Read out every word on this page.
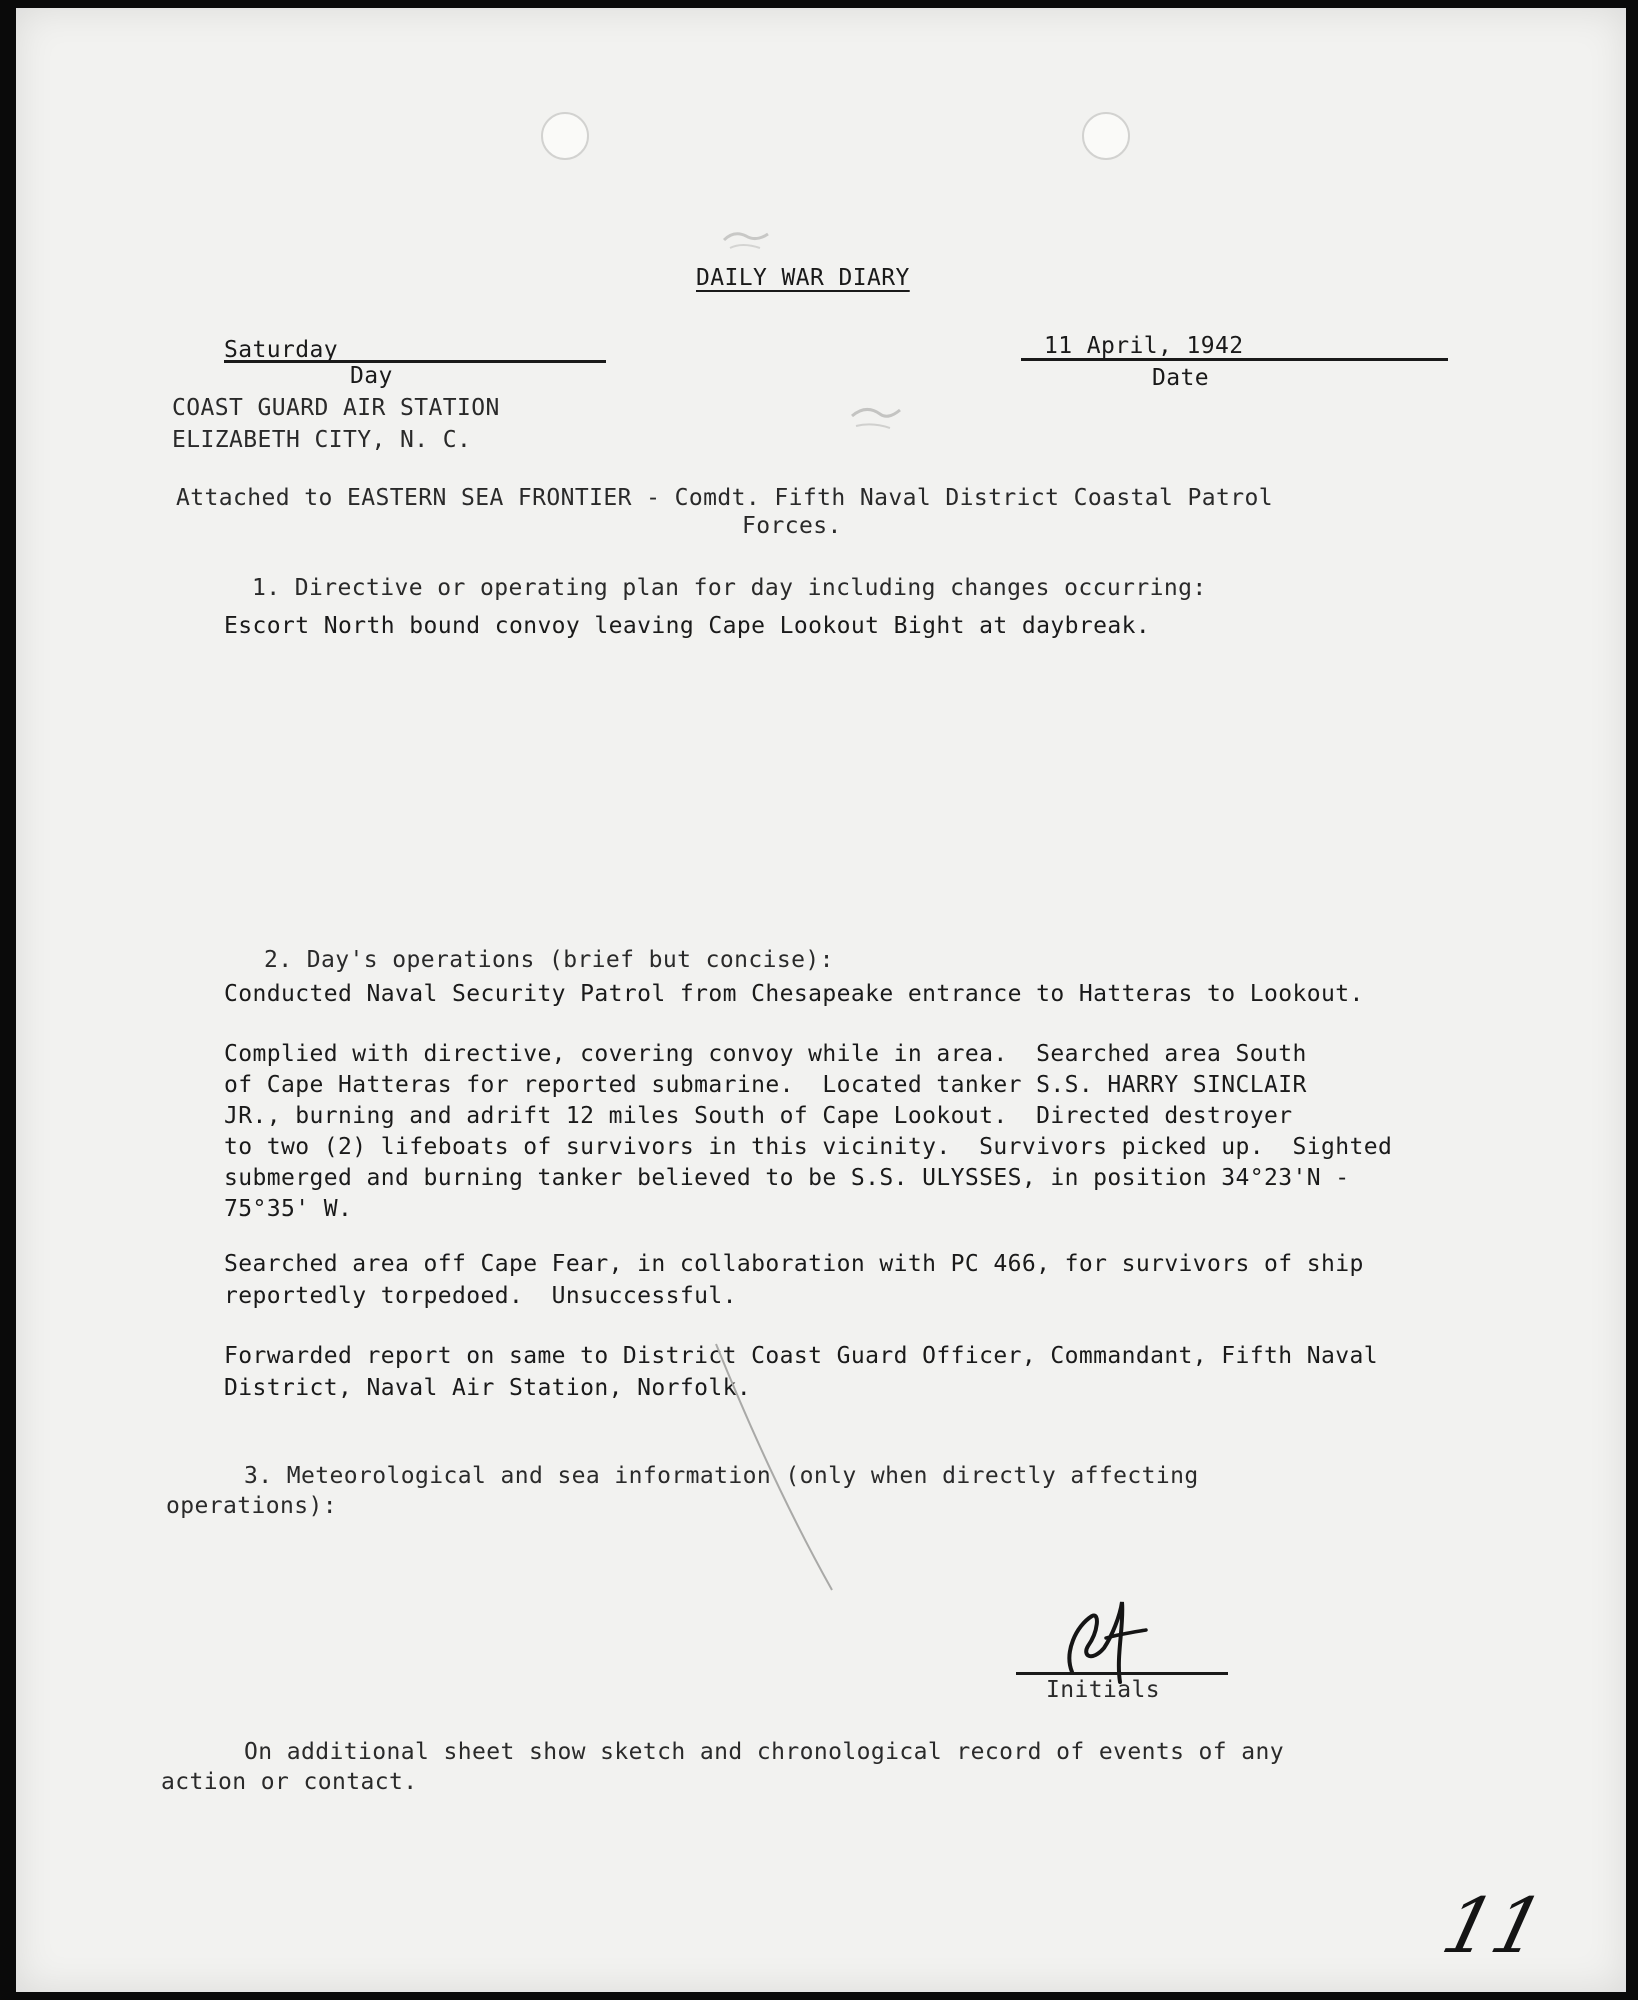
DAILY WAR DIARY
Saturday
Day
11 April, 1942
Date
COAST GUARD AIR STATION
ELIZABETH CITY, N. C.
Attached to EASTERN SEA FRONTIER - Comdt. Fifth Naval District Coastal Patrol
Forces.
1. Directive or operating plan for day including changes occurring:
Escort North bound convoy leaving Cape Lookout Bight at daybreak.
2. Day's operations (brief but concise):
Conducted Naval Security Patrol from Chesapeake entrance to Hatteras to Lookout.
Complied with directive, covering convoy while in area.  Searched area South
of Cape Hatteras for reported submarine.  Located tanker S.S. HARRY SINCLAIR
JR., burning and adrift 12 miles South of Cape Lookout.  Directed destroyer
to two (2) lifeboats of survivors in this vicinity.  Survivors picked up.  Sighted
submerged and burning tanker believed to be S.S. ULYSSES, in position 34°23'N -
75°35' W.
Searched area off Cape Fear, in collaboration with PC 466, for survivors of ship
reportedly torpedoed.  Unsuccessful.
Forwarded report on same to District Coast Guard Officer, Commandant, Fifth Naval
District, Naval Air Station, Norfolk.
3. Meteorological and sea information (only when directly affecting
operations):
Initials
On additional sheet show sketch and chronological record of events of any
action or contact.
11
